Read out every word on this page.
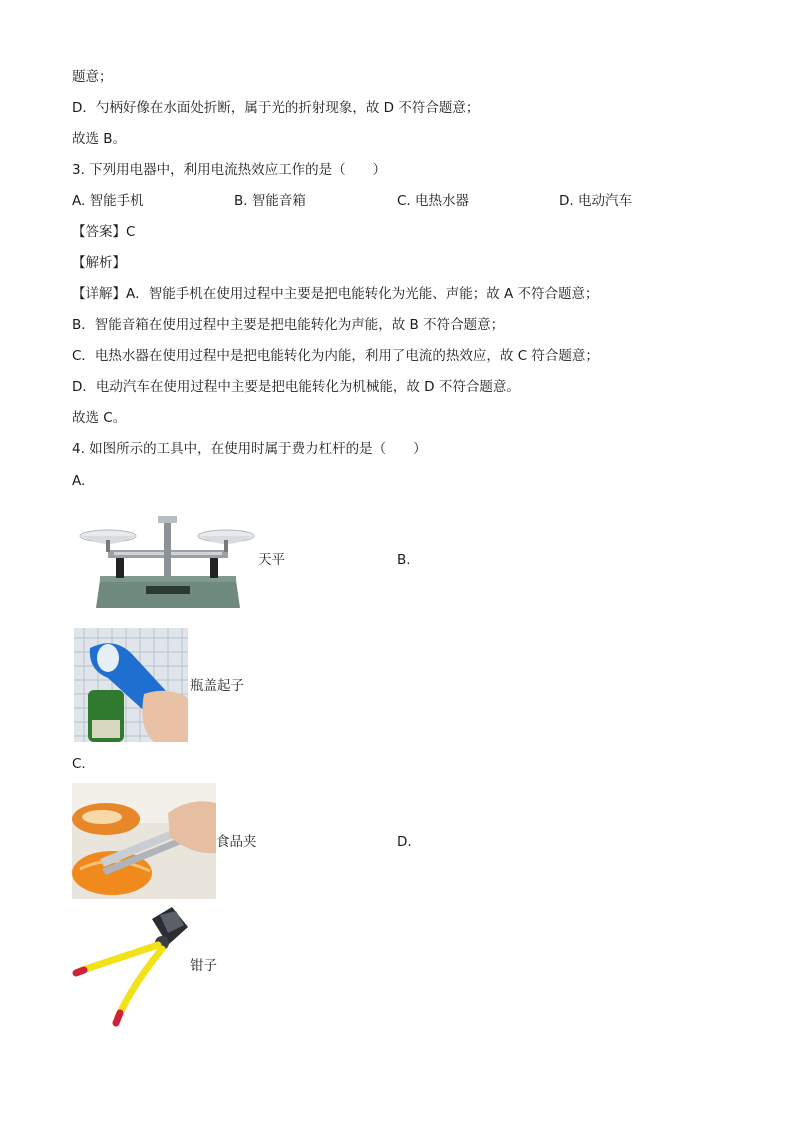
题意；
D．勺柄好像在水面处折断，属于光的折射现象，故 D 不符合题意；
故选 B。
3. 下列用电器中，利用电流热效应工作的是（　　）
A. 智能手机	B. 智能音箱	C. 电热水器	D. 电动汽车
【答案】C
【解析】
【详解】A．智能手机在使用过程中主要是把电能转化为光能、声能；故 A 不符合题意；
B．智能音箱在使用过程中主要是把电能转化为声能，故 B 不符合题意；
C．电热水器在使用过程中是把电能转化为内能，利用了电流的热效应，故 C 符合题意；
D．电动汽车在使用过程中主要是把电能转化为机械能，故 D 不符合题意。
故选 C。
4. 如图所示的工具中，在使用时属于费力杠杆的是（　　）
A.
天平	B.
瓶盖起子
C.
食品夹	D.
钳子
